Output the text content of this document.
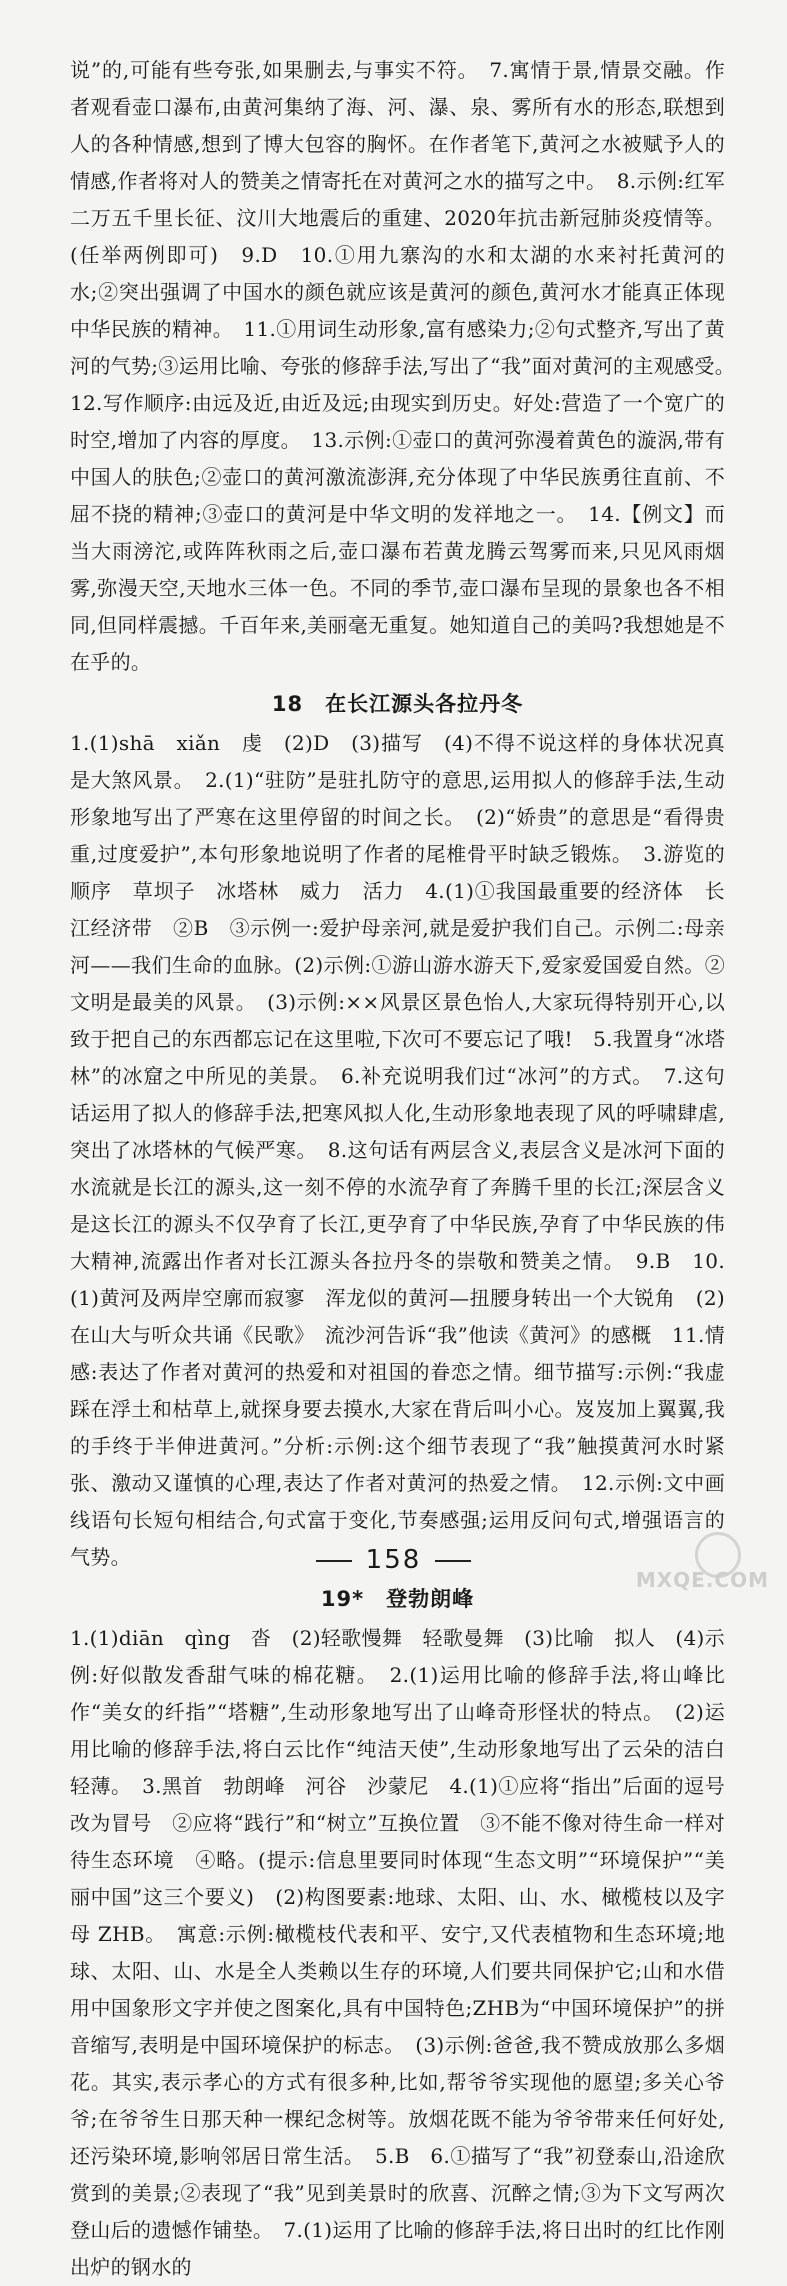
说”的,可能有些夸张,如果删去,与事实不符。　7.寓情于景,情景交融。作者观看壶口瀑布,由黄河集纳了海、河、瀑、泉、雾所有水的形态,联想到人的各种情感,想到了博大包容的胸怀。在作者笔下,黄河之水被赋予人的情感,作者将对人的赞美之情寄托在对黄河之水的描写之中。　8.示例:红军二万五千里长征、汶川大地震后的重建、2020年抗击新冠肺炎疫情等。(任举两例即可)　9.D　10.①用九寨沟的水和太湖的水来衬托黄河的水;②突出强调了中国水的颜色就应该是黄河的颜色,黄河水才能真正体现中华民族的精神。　11.①用词生动形象,富有感染力;②句式整齐,写出了黄河的气势;③运用比喻、夸张的修辞手法,写出了“我”面对黄河的主观感受。　12.写作顺序:由远及近,由近及远;由现实到历史。好处:营造了一个宽广的时空,增加了内容的厚度。　13.示例:①壶口的黄河弥漫着黄色的漩涡,带有中国人的肤色;②壶口的黄河激流澎湃,充分体现了中华民族勇往直前、不屈不挠的精神;③壶口的黄河是中华文明的发祥地之一。　14.【例文】而当大雨滂沱,或阵阵秋雨之后,壶口瀑布若黄龙腾云驾雾而来,只见风雨烟雾,弥漫天空,天地水三体一色。不同的季节,壶口瀑布呈现的景象也各不相同,但同样震撼。千百年来,美丽毫无重复。她知道自己的美吗?我想她是不在乎的。

18　在长江源头各拉丹冬

1.(1)shā　xiǎn　虔　(2)D　(3)描写　(4)不得不说这样的身体状况真是大煞风景。　2.(1)“驻防”是驻扎防守的意思,运用拟人的修辞手法,生动形象地写出了严寒在这里停留的时间之长。　(2)“娇贵”的意思是“看得贵重,过度爱护”,本句形象地说明了作者的尾椎骨平时缺乏锻炼。　3.游览的顺序　草坝子　冰塔林　威力　活力　4.(1)①我国最重要的经济体　长江经济带　②B　③示例一:爱护母亲河,就是爱护我们自己。示例二:母亲河——我们生命的血脉。(2)示例:①游山游水游天下,爱家爱国爱自然。②文明是最美的风景。　(3)示例:××风景区景色怡人,大家玩得特别开心,以致于把自己的东西都忘记在这里啦,下次可不要忘记了哦!　5.我置身“冰塔林”的冰窟之中所见的美景。　6.补充说明我们过“冰河”的方式。　7.这句话运用了拟人的修辞手法,把寒风拟人化,生动形象地表现了风的呼啸肆虐,突出了冰塔林的气候严寒。　8.这句话有两层含义,表层含义是冰河下面的水流就是长江的源头,这一刻不停的水流孕育了奔腾千里的长江;深层含义是这长江的源头不仅孕育了长江,更孕育了中华民族,孕育了中华民族的伟大精神,流露出作者对长江源头各拉丹冬的崇敬和赞美之情。　9.B　10.(1)黄河及两岸空廓而寂寥　浑龙似的黄河—扭腰身转出一个大锐角　(2)在山大与听众共诵《民歌》　流沙河告诉“我”他读《黄河》的感概　11.情感:表达了作者对黄河的热爱和对祖国的眷恋之情。细节描写:示例:“我虚踩在浮土和枯草上,就探身要去摸水,大家在背后叫小心。岌岌加上翼翼,我的手终于半伸进黄河。”分析:示例:这个细节表现了“我”触摸黄河水时紧张、激动又谨慎的心理,表达了作者对黄河的热爱之情。　12.示例:文中画线语句长短句相结合,句式富于变化,节奏感强;运用反问句式,增强语言的气势。

19*　登勃朗峰

1.(1)diān　qìng　沓　(2)轻歌慢舞　轻歌曼舞　(3)比喻　拟人　(4)示例:好似散发香甜气味的棉花糖。　2.(1)运用比喻的修辞手法,将山峰比作“美女的纤指”“塔糖”,生动形象地写出了山峰奇形怪状的特点。　(2)运用比喻的修辞手法,将白云比作“纯洁天使”,生动形象地写出了云朵的洁白轻薄。　3.黑首　勃朗峰　河谷　沙蒙尼　4.(1)①应将“指出”后面的逗号改为冒号　②应将“践行”和“树立”互换位置　③不能不像对待生命一样对待生态环境　④略。(提示:信息里要同时体现“生态文明”“环境保护”“美丽中国”这三个要义)　(2)构图要素:地球、太阳、山、水、橄榄枝以及字母 ZHB。　寓意:示例:橄榄枝代表和平、安宁,又代表植物和生态环境;地球、太阳、山、水是全人类赖以生存的环境,人们要共同保护它;山和水借用中国象形文字并使之图案化,具有中国特色;ZHB为“中国环境保护”的拼音缩写,表明是中国环境保护的标志。　(3)示例:爸爸,我不赞成放那么多烟花。其实,表示孝心的方式有很多种,比如,帮爷爷实现他的愿望;多关心爷爷;在爷爷生日那天种一棵纪念树等。放烟花既不能为爷爷带来任何好处,还污染环境,影响邻居日常生活。　5.B　6.①描写了“我”初登泰山,沿途欣赏到的美景;②表现了“我”见到美景时的欣喜、沉醉之情;③为下文写两次登山后的遗憾作铺垫。　7.(1)运用了比喻的修辞手法,将日出时的红比作刚出炉的钢水的

158
MXQE.COM
